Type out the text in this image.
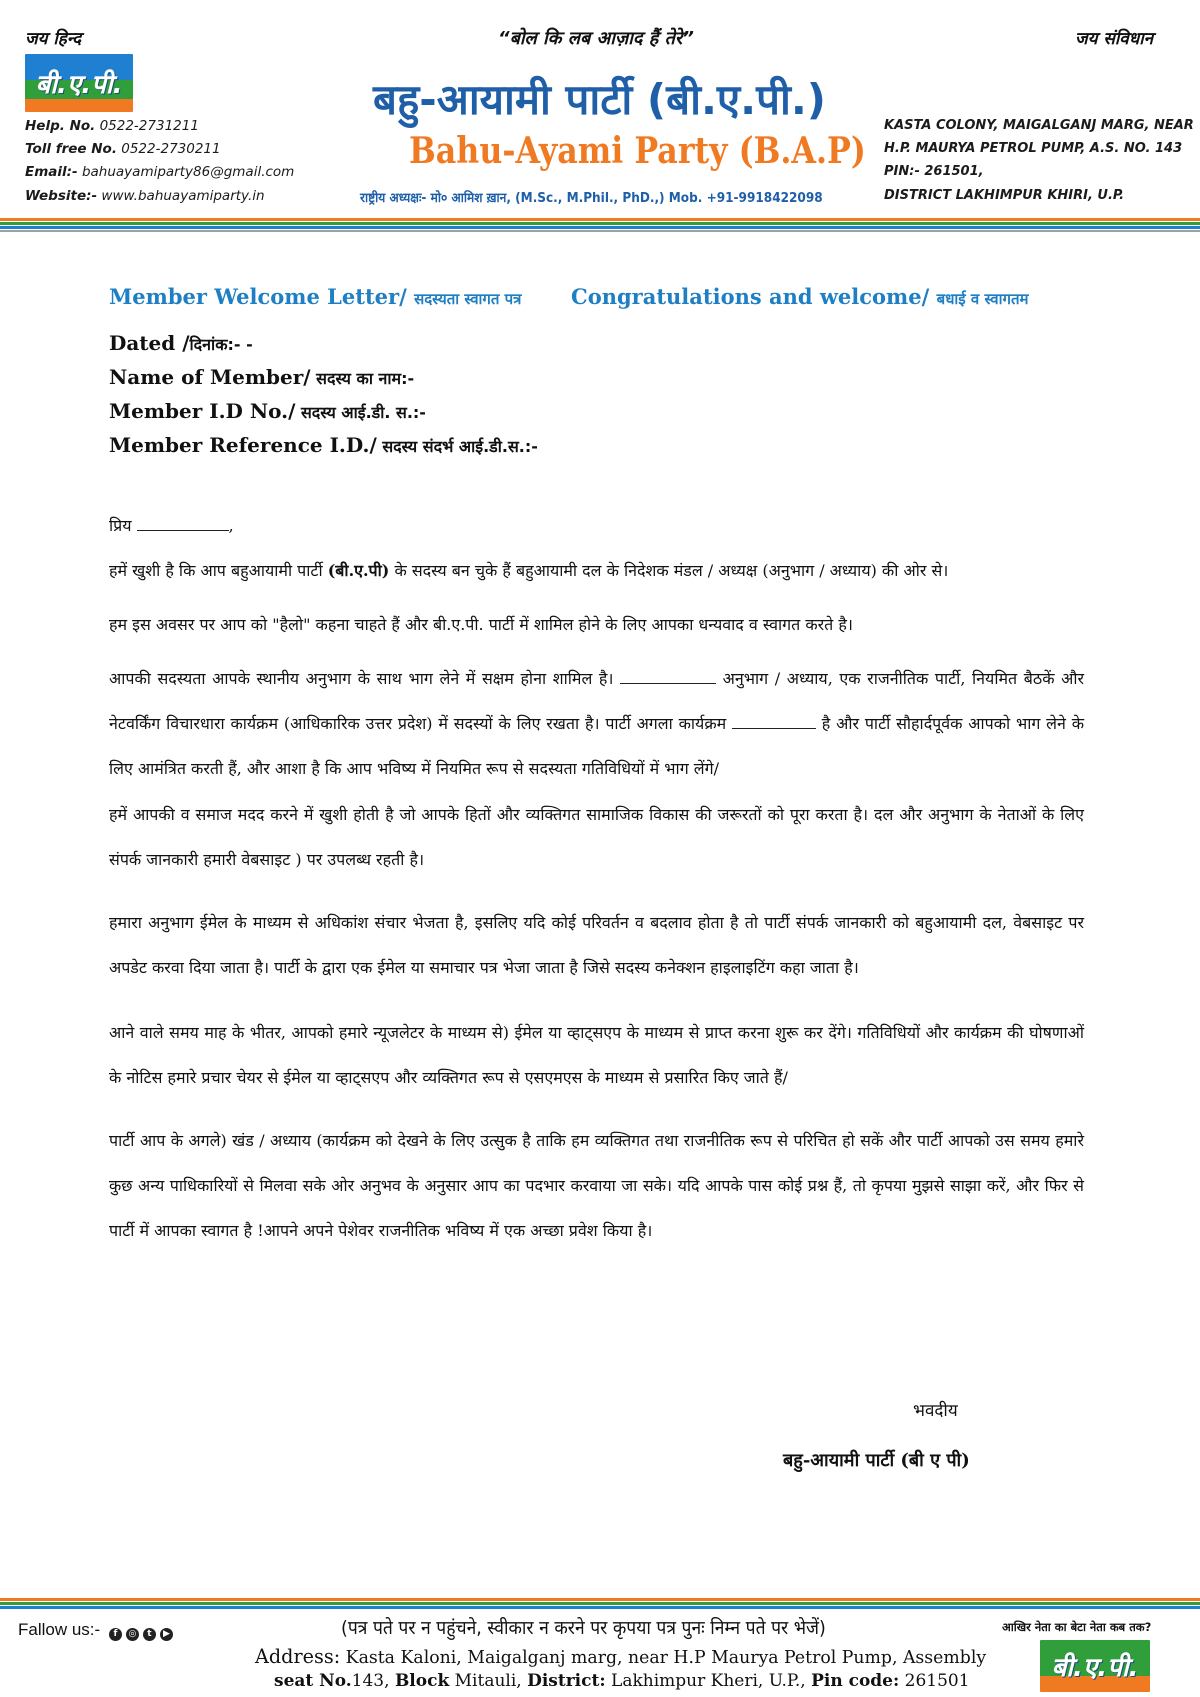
जय हिन्द	“बोल कि लब आज़ाद हैं तेरे”	जय संविधान
बी.ए.पी.	बहु-आयामी पार्टी (बी.ए.पी.)
Bahu-Ayami Party (B.A.P)
राष्ट्रीय अध्यक्षः- मो० आमिश ख़ान, (M.Sc., M.Phil., PhD.,) Mob. +91-9918422098
Help. No. 0522-2731211
Toll free No. 0522-2730211
Email:- bahuayamiparty86@gmail.com
Website:- www.bahuayamiparty.in
KASTA COLONY, MAIGALGANJ MARG, NEAR
H.P. MAURYA PETROL PUMP, A.S. NO. 143
PIN:- 261501,
DISTRICT LAKHIMPUR KHIRI, U.P.
Member Welcome Letter/ सदस्यता स्वागत पत्र Congratulations and welcome/ बधाई व स्वागतम
Dated /दिनांक:- -
Name of Member/ सदस्य का नाम:-
Member I.D No./ सदस्य आई.डी. स.:-
Member Reference I.D./ सदस्य संदर्भ आई.डी.स.:-
प्रिय	,
हमें खुशी है कि आप बहुआयामी पार्टी (बी.ए.पी) के सदस्य बन चुके हैं बहुआयामी दल के निदेशक मंडल / अध्यक्ष (अनुभाग / अध्याय) की ओर से।
हम इस अवसर पर आप को "हैलो" कहना चाहते हैं और बी.ए.पी. पार्टी में शामिल होने के लिए आपका धन्यवाद व स्वागत करते है।
आपकी सदस्यता आपके स्थानीय अनुभाग के साथ भाग लेने में सक्षम होना शामिल है।	अनुभाग / अध्याय, एक राजनीतिक पार्टी, नियमित बैठकें और नेटवर्किंग विचारधारा कार्यक्रम (आधिकारिक उत्तर प्रदेश) में सदस्यों के लिए रखता है। पार्टी अगला कार्यक्रम	है और पार्टी सौहार्दपूर्वक आपको भाग लेने के लिए आमंत्रित करती हैं, और आशा है कि आप भविष्य में नियमित रूप से सदस्यता गतिविधियों में भाग लेंगे/
हमें आपकी व समाज मदद करने में खुशी होती है जो आपके हितों और व्यक्तिगत सामाजिक विकास की जरूरतों को पूरा करता है। दल और अनुभाग के नेताओं के लिए संपर्क जानकारी हमारी वेबसाइट ) पर उपलब्ध रहती है।
हमारा अनुभाग ईमेल के माध्यम से अधिकांश संचार भेजता है, इसलिए यदि कोई परिवर्तन व बदलाव होता है तो पार्टी संपर्क जानकारी को बहुआयामी दल, वेबसाइट पर अपडेट करवा दिया जाता है। पार्टी के द्वारा एक ईमेल या समाचार पत्र भेजा जाता है जिसे सदस्य कनेक्शन हाइलाइटिंग कहा जाता है।
आने वाले समय माह के भीतर, आपको हमारे न्यूजलेटर के माध्यम से) ईमेल या व्हाट्सएप के माध्यम से प्राप्त करना शुरू कर देंगे। गतिविधियों और कार्यक्रम की घोषणाओं के नोटिस हमारे प्रचार चेयर से ईमेल या व्हाट्सएप और व्यक्तिगत रूप से एसएमएस के माध्यम से प्रसारित किए जाते हैं/
पार्टी आप के अगले) खंड / अध्याय (कार्यक्रम को देखने के लिए उत्सुक है ताकि हम व्यक्तिगत तथा राजनीतिक रूप से परिचित हो सकें और पार्टी आपको उस समय हमारे कुछ अन्य पाधिकारियों से मिलवा सके ओर अनुभव के अनुसार आप का पदभार करवाया जा सके। यदि आपके पास कोई प्रश्न हैं, तो कृपया मुझसे साझा करें, और फिर से पार्टी में आपका स्वागत है !आपने अपने पेशेवर राजनीतिक भविष्य में एक अच्छा प्रवेश किया है।
भवदीय
बहु-आयामी पार्टी (बी ए पी)
Fallow us:- f ◎ t ▶	(पत्र पते पर न पहुंचने, स्वीकार न करने पर कृपया पत्र पुनः निम्न पते पर भेजें)
Address: Kasta Kaloni, Maigalganj marg, near H.P Maurya Petrol Pump, Assembly
seat No.143, Block Mitauli, District: Lakhimpur Kheri, U.P., Pin code: 261501
आखिर नेता का बेटा नेता कब तक?
बी.ए.पी.
